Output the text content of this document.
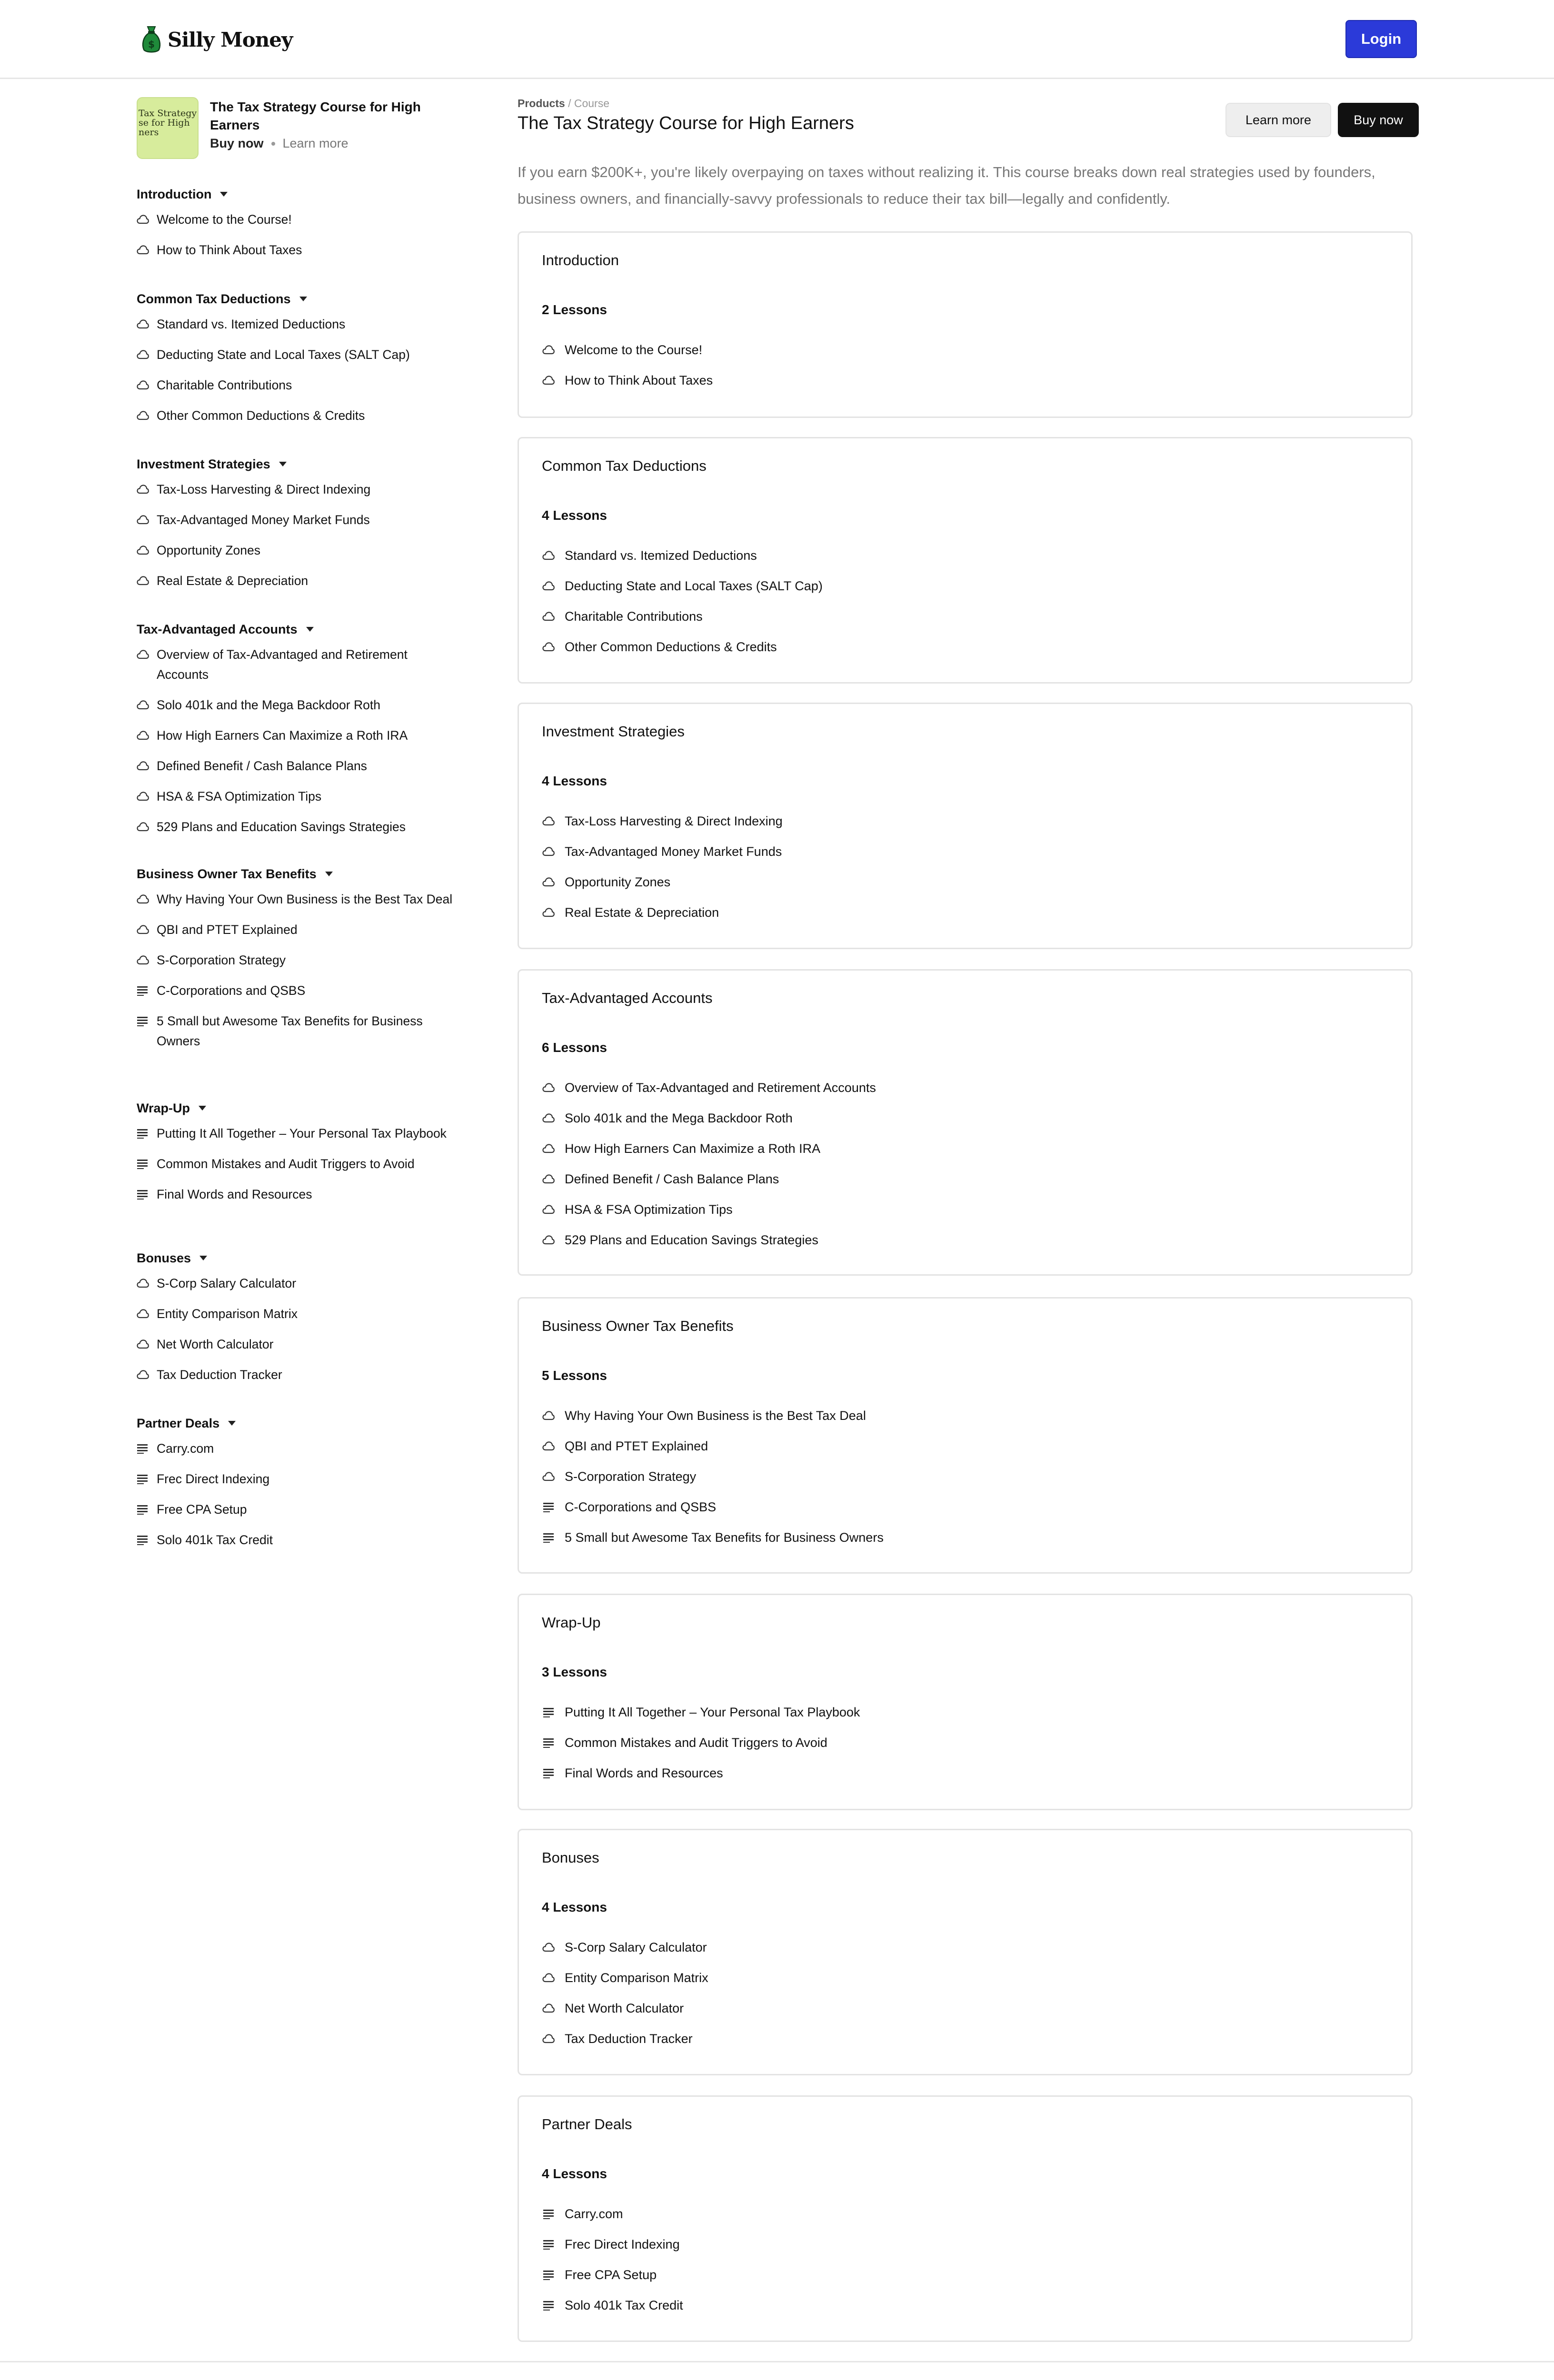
$ Silly Money	Login
Tax Strategy
se for High
ners
The Tax Strategy Course for High Earners
Buy now Learn more
Introduction
Welcome to the Course!
How to Think About Taxes
Common Tax Deductions
Standard vs. Itemized Deductions
Deducting State and Local Taxes (SALT Cap)
Charitable Contributions
Other Common Deductions & Credits
Investment Strategies
Tax-Loss Harvesting & Direct Indexing
Tax-Advantaged Money Market Funds
Opportunity Zones
Real Estate & Depreciation
Tax-Advantaged Accounts
Overview of Tax-Advantaged and Retirement Accounts
Solo 401k and the Mega Backdoor Roth
How High Earners Can Maximize a Roth IRA
Defined Benefit / Cash Balance Plans
HSA & FSA Optimization Tips
529 Plans and Education Savings Strategies
Business Owner Tax Benefits
Why Having Your Own Business is the Best Tax Deal
QBI and PTET Explained
S-Corporation Strategy
C-Corporations and QSBS
5 Small but Awesome Tax Benefits for Business Owners
Wrap-Up
Putting It All Together – Your Personal Tax Playbook
Common Mistakes and Audit Triggers to Avoid
Final Words and Resources
Bonuses
S-Corp Salary Calculator
Entity Comparison Matrix
Net Worth Calculator
Tax Deduction Tracker
Partner Deals
Carry.com
Frec Direct Indexing
Free CPA Setup
Solo 401k Tax Credit
Products / Course
The Tax Strategy Course for High Earners	Learn more	Buy now
If you earn $200K+, you're likely overpaying on taxes without realizing it. This course breaks down real strategies used by founders, business owners, and financially-savvy professionals to reduce their tax bill—legally and confidently.
Introduction
2 Lessons
Welcome to the Course!
How to Think About Taxes
Common Tax Deductions
4 Lessons
Standard vs. Itemized Deductions
Deducting State and Local Taxes (SALT Cap)
Charitable Contributions
Other Common Deductions & Credits
Investment Strategies
4 Lessons
Tax-Loss Harvesting & Direct Indexing
Tax-Advantaged Money Market Funds
Opportunity Zones
Real Estate & Depreciation
Tax-Advantaged Accounts
6 Lessons
Overview of Tax-Advantaged and Retirement Accounts
Solo 401k and the Mega Backdoor Roth
How High Earners Can Maximize a Roth IRA
Defined Benefit / Cash Balance Plans
HSA & FSA Optimization Tips
529 Plans and Education Savings Strategies
Business Owner Tax Benefits
5 Lessons
Why Having Your Own Business is the Best Tax Deal
QBI and PTET Explained
S-Corporation Strategy
C-Corporations and QSBS
5 Small but Awesome Tax Benefits for Business Owners
Wrap-Up
3 Lessons
Putting It All Together – Your Personal Tax Playbook
Common Mistakes and Audit Triggers to Avoid
Final Words and Resources
Bonuses
4 Lessons
S-Corp Salary Calculator
Entity Comparison Matrix
Net Worth Calculator
Tax Deduction Tracker
Partner Deals
4 Lessons
Carry.com
Frec Direct Indexing
Free CPA Setup
Solo 401k Tax Credit
